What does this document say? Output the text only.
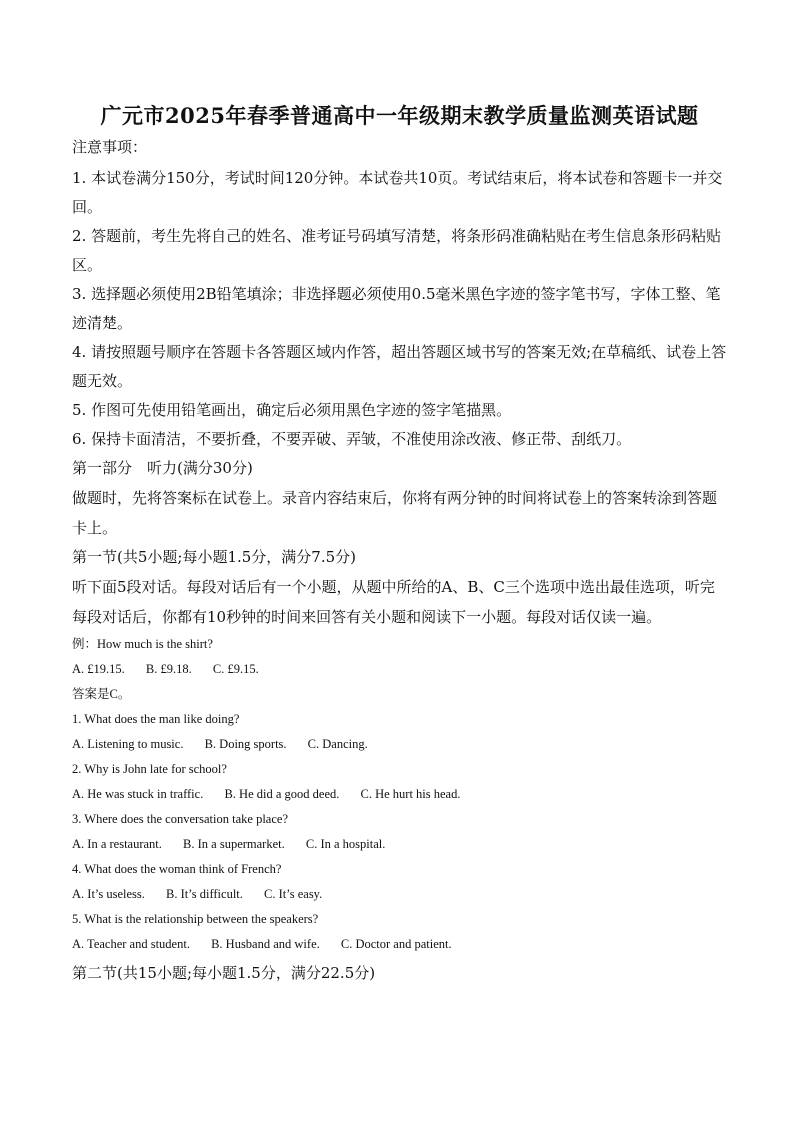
广元市2025年春季普通高中一年级期末教学质量监测英语试题
注意事项：
1. 本试卷满分150分，考试时间120分钟。本试卷共10页。考试结束后，将本试卷和答题卡一并交回。
2. 答题前，考生先将自己的姓名、准考证号码填写清楚，将条形码准确粘贴在考生信息条形码粘贴区。
3. 选择题必须使用2B铅笔填涂；非选择题必须使用0.5毫米黑色字迹的签字笔书写，字体工整、笔迹清楚。
4. 请按照题号顺序在答题卡各答题区域内作答，超出答题区域书写的答案无效;在草稿纸、试卷上答题无效。
5. 作图可先使用铅笔画出，确定后必须用黑色字迹的签字笔描黑。
6. 保持卡面清洁，不要折叠，不要弄破、弄皱，不准使用涂改液、修正带、刮纸刀。
第一部分　听力(满分30分)
做题时，先将答案标在试卷上。录音内容结束后，你将有两分钟的时间将试卷上的答案转涂到答题卡上。
第一节(共5小题;每小题1.5分，满分7.5分)
听下面5段对话。每段对话后有一个小题，从题中所给的A、B、C三个选项中选出最佳选项，听完每段对话后，你都有10秒钟的时间来回答有关小题和阅读下一小题。每段对话仅读一遍。
例：How much is the shirt?
A. £19.15. B. £9.18. C. £9.15.
答案是C。
1. What does the man like doing?
A. Listening to music. B. Doing sports. C. Dancing.
2. Why is John late for school?
A. He was stuck in traffic. B. He did a good deed. C. He hurt his head.
3. Where does the conversation take place?
A. In a restaurant. B. In a supermarket. C. In a hospital.
4. What does the woman think of French?
A. It’s useless. B. It’s difficult. C. It’s easy.
5. What is the relationship between the speakers?
A. Teacher and student. B. Husband and wife. C. Doctor and patient.
第二节(共15小题;每小题1.5分，满分22.5分)
